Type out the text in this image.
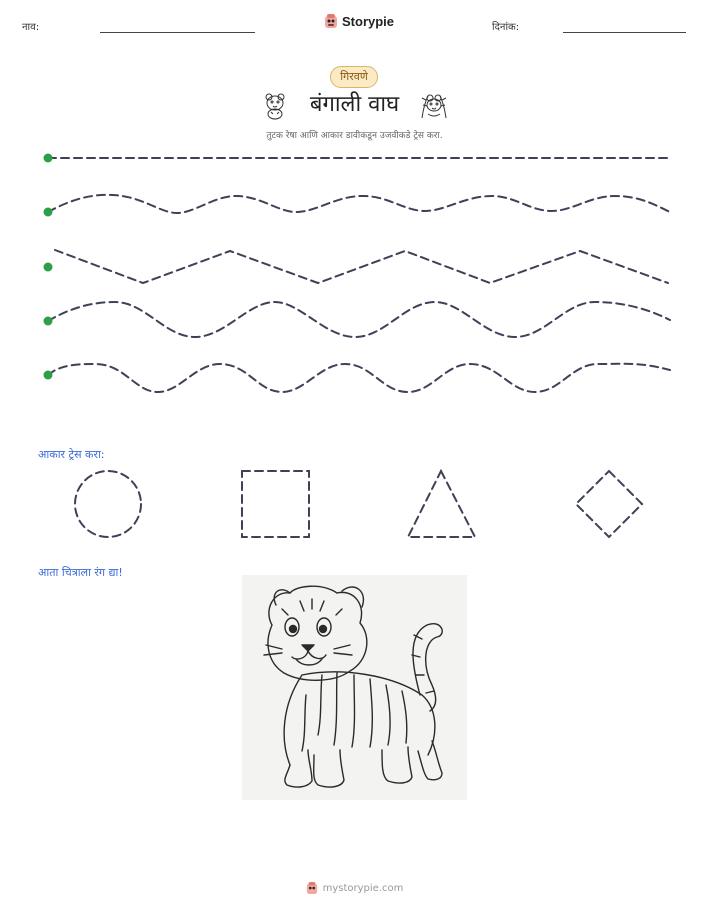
नाव:	Storypie	दिनांक:
गिरवणे
बंगाली वाघ
तुटक रेषा आणि आकार डावीकडून उजवीकडे ट्रेस करा.
आकार ट्रेस करा:
आता चित्राला रंग द्या!
mystorypie.com
